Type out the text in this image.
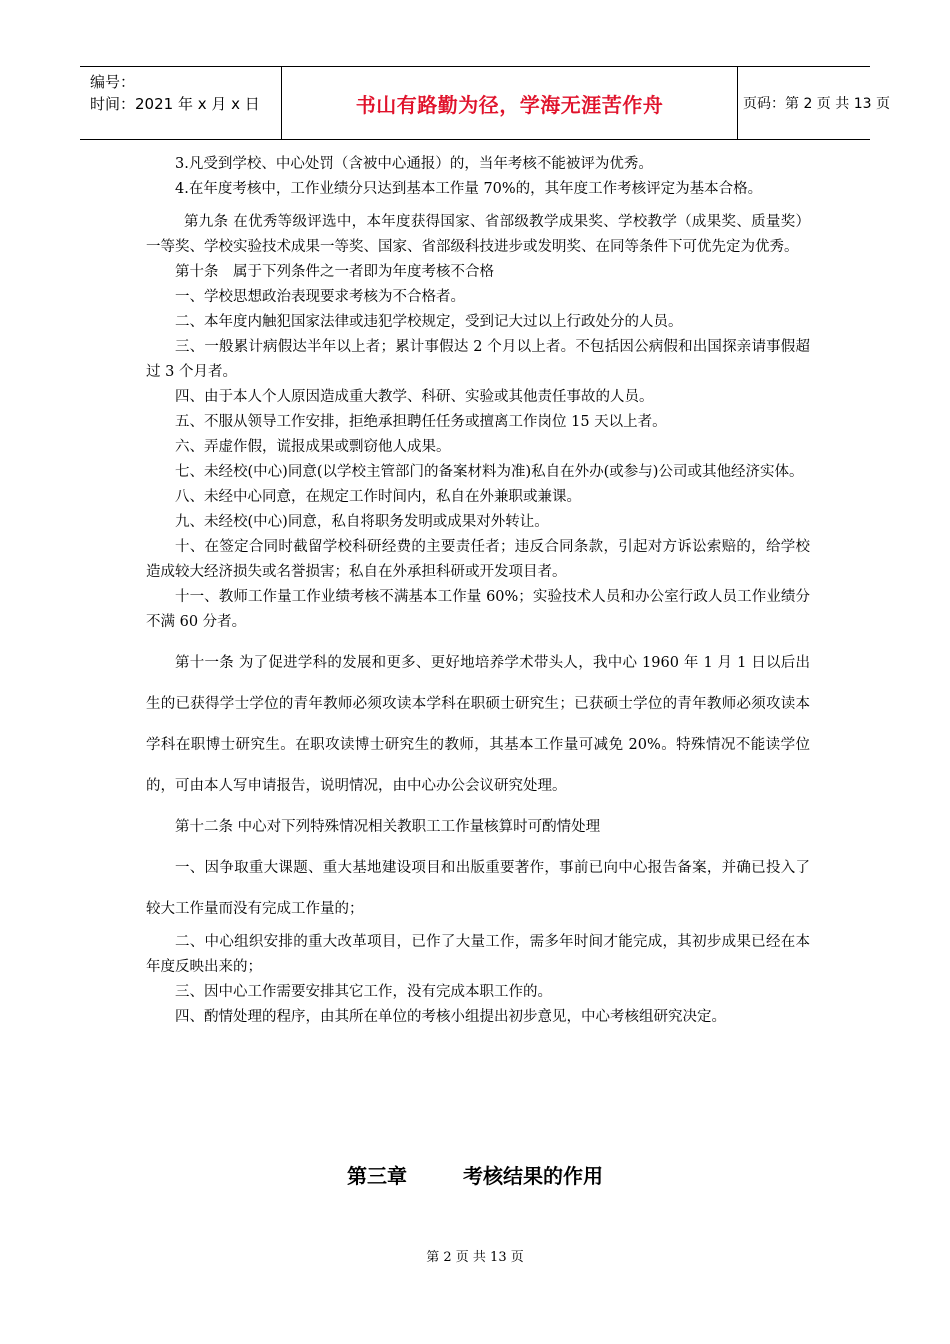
编号：
时间：2021 年 x 月 x 日	书山有路勤为径，学海无涯苦作舟	页码：第 2 页 共 13 页

3.凡受到学校、中心处罚（含被中心通报）的，当年考核不能被评为优秀。

4.在年度考核中，工作业绩分只达到基本工作量 70%的，其年度工作考核评定为基本合格。

第九条 在优秀等级评选中，本年度获得国家、省部级教学成果奖、学校教学（成果奖、质量奖）一等奖、学校实验技术成果一等奖、国家、省部级科技进步或发明奖、在同等条件下可优先定为优秀。

第十条　属于下列条件之一者即为年度考核不合格

一、学校思想政治表现要求考核为不合格者。

二、本年度内触犯国家法律或违犯学校规定，受到记大过以上行政处分的人员。

三、一般累计病假达半年以上者；累计事假达 2 个月以上者。不包括因公病假和出国探亲请事假超过 3 个月者。

四、由于本人个人原因造成重大教学、科研、实验或其他责任事故的人员。

五、不服从领导工作安排，拒绝承担聘任任务或擅离工作岗位 15 天以上者。

六、弄虚作假，谎报成果或剽窃他人成果。

七、未经校(中心)同意(以学校主管部门的备案材料为准)私自在外办(或参与)公司或其他经济实体。

八、未经中心同意，在规定工作时间内，私自在外兼职或兼课。

九、未经校(中心)同意，私自将职务发明或成果对外转让。

十、在签定合同时截留学校科研经费的主要责任者；违反合同条款，引起对方诉讼索赔的，给学校造成较大经济损失或名誉损害；私自在外承担科研或开发项目者。

十一、教师工作量工作业绩考核不满基本工作量 60%；实验技术人员和办公室行政人员工作业绩分不满 60 分者。

第十一条 为了促进学科的发展和更多、更好地培养学术带头人，我中心 1960 年 1 月 1 日以后出生的已获得学士学位的青年教师必须攻读本学科在职硕士研究生；已获硕士学位的青年教师必须攻读本学科在职博士研究生。在职攻读博士研究生的教师，其基本工作量可减免 20%。特殊情况不能读学位的，可由本人写申请报告，说明情况，由中心办公会议研究处理。

第十二条 中心对下列特殊情况相关教职工工作量核算时可酌情处理

一、因争取重大课题、重大基地建设项目和出版重要著作，事前已向中心报告备案，并确已投入了较大工作量而没有完成工作量的；

二、中心组织安排的重大改革项目，已作了大量工作，需多年时间才能完成，其初步成果已经在本年度反映出来的；

三、因中心工作需要安排其它工作，没有完成本职工作的。

四、酌情处理的程序，由其所在单位的考核小组提出初步意见，中心考核组研究决定。

第三章	考核结果的作用
第 2 页 共 13 页
